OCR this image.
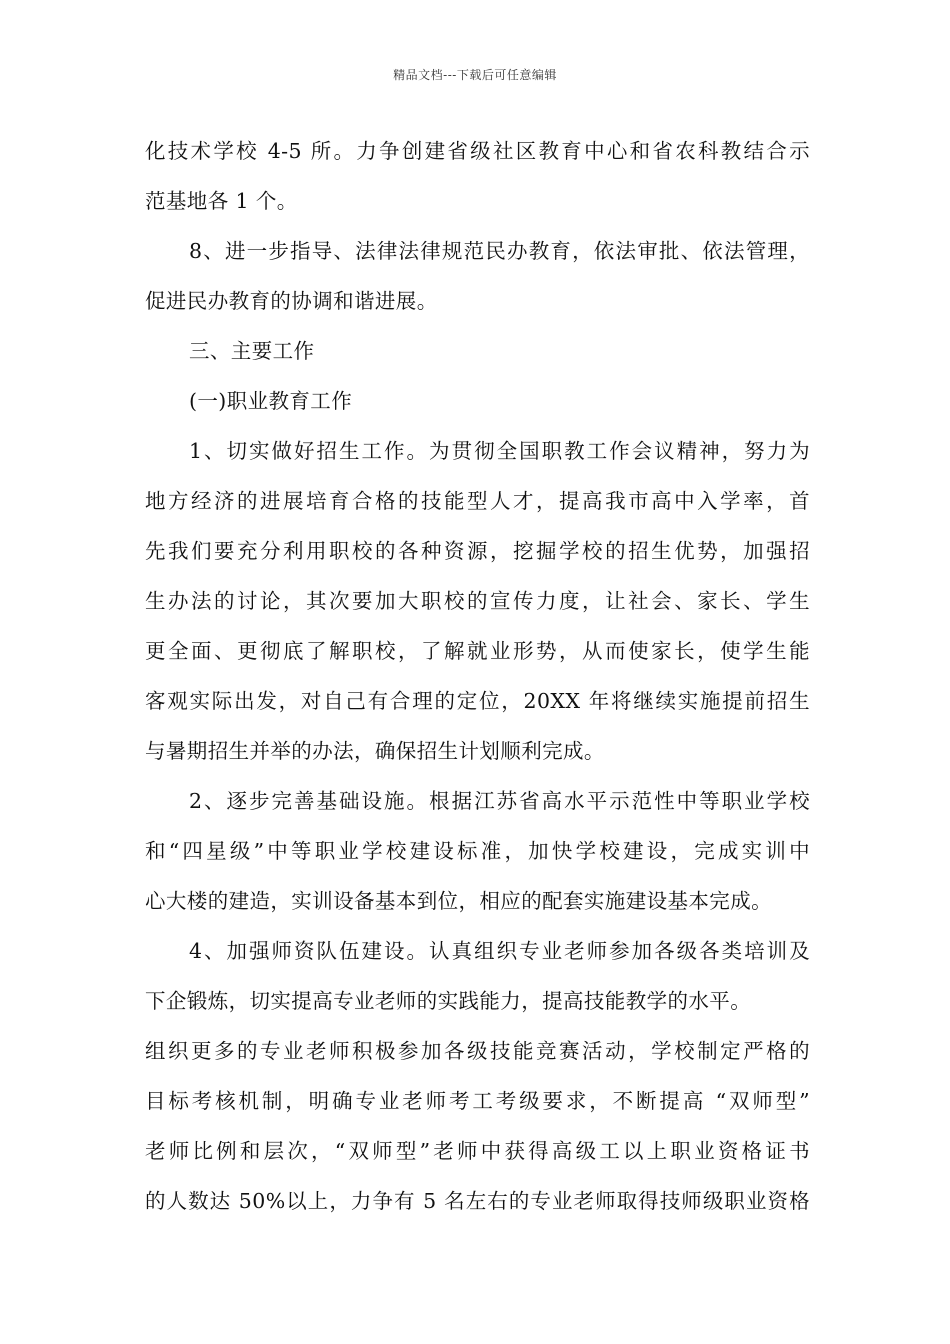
精品文档---下载后可任意编辑
化技术学校 4-5 所。力争创建省级社区教育中心和省农科教结合示
范基地各 1 个。
8、进一步指导、法律法律规范民办教育，依法审批、依法管理，
促进民办教育的协调和谐进展。
三、主要工作
(一)职业教育工作
1、切实做好招生工作。为贯彻全国职教工作会议精神，努力为
地方经济的进展培育合格的技能型人才，提高我市高中入学率，首
先我们要充分利用职校的各种资源，挖掘学校的招生优势，加强招
生办法的讨论，其次要加大职校的宣传力度，让社会、家长、学生
更全面、更彻底了解职校，了解就业形势，从而使家长，使学生能
客观实际出发，对自己有合理的定位，20XX 年将继续实施提前招生
与暑期招生并举的办法，确保招生计划顺利完成。
2、逐步完善基础设施。根据江苏省高水平示范性中等职业学校
和“四星级”中等职业学校建设标准，加快学校建设，完成实训中
心大楼的建造，实训设备基本到位，相应的配套实施建设基本完成。
4、加强师资队伍建设。认真组织专业老师参加各级各类培训及
下企锻炼，切实提高专业老师的实践能力，提高技能教学的水平。
组织更多的专业老师积极参加各级技能竞赛活动，学校制定严格的
目标考核机制，明确专业老师考工考级要求，不断提高 “双师型”
老师比例和层次，“双师型”老师中获得高级工以上职业资格证书
的人数达 50%以上，力争有 5 名左右的专业老师取得技师级职业资格
